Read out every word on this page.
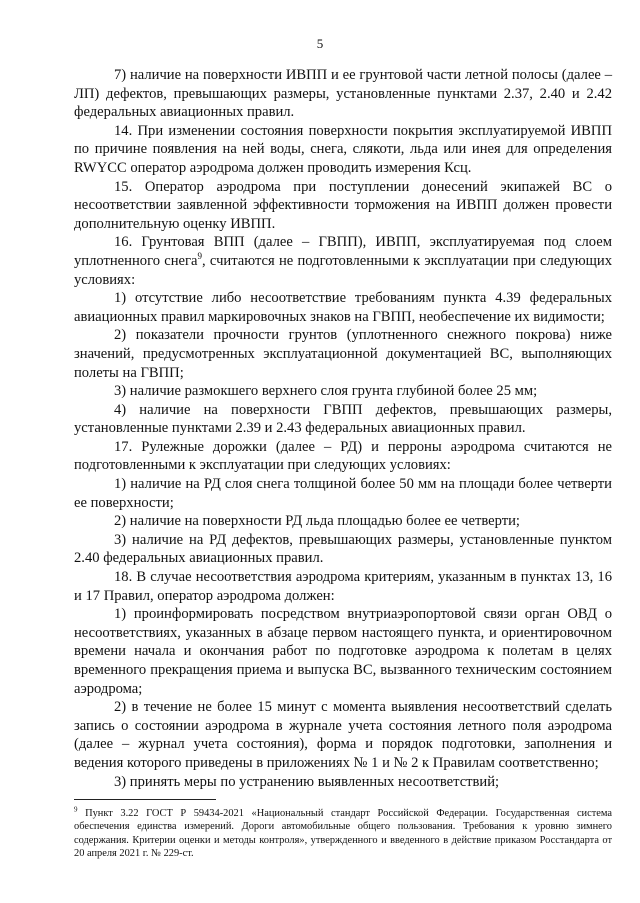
5

7) наличие на поверхности ИВПП и ее грунтовой части летной полосы (далее – ЛП) дефектов, превышающих размеры, установленные пунктами 2.37, 2.40 и 2.42 федеральных авиационных правил.

14. При изменении состояния поверхности покрытия эксплуатируемой ИВПП по причине появления на ней воды, снега, слякоти, льда или инея для определения RWYCC оператор аэродрома должен проводить измерения Ксц.

15. Оператор аэродрома при поступлении донесений экипажей ВС о несоответствии заявленной эффективности торможения на ИВПП должен провести дополнительную оценку ИВПП.

16. Грунтовая ВПП (далее – ГВПП), ИВПП, эксплуатируемая под слоем уплотненного снега$^9$, считаются не подготовленными к эксплуатации при следующих условиях:

1) отсутствие либо несоответствие требованиям пункта 4.39 федеральных авиационных правил маркировочных знаков на ГВПП, необеспечение их видимости;

2) показатели прочности грунтов (уплотненного снежного покрова) ниже значений, предусмотренных эксплуатационной документацией ВС, выполняющих полеты на ГВПП;

3) наличие размокшего верхнего слоя грунта глубиной более 25 мм;

4) наличие на поверхности ГВПП дефектов, превышающих размеры, установленные пунктами 2.39 и 2.43 федеральных авиационных правил.

17. Рулежные дорожки (далее – РД) и перроны аэродрома считаются не подготовленными к эксплуатации при следующих условиях:

1) наличие на РД слоя снега толщиной более 50 мм на площади более четверти ее поверхности;

2) наличие на поверхности РД льда площадью более ее четверти;

3) наличие на РД дефектов, превышающих размеры, установленные пунктом 2.40 федеральных авиационных правил.

18. В случае несоответствия аэродрома критериям, указанным в пунктах 13, 16 и 17 Правил, оператор аэродрома должен:

1) проинформировать посредством внутриаэропортовой связи орган ОВД о несоответствиях, указанных в абзаце первом настоящего пункта, и ориентировочном времени начала и окончания работ по подготовке аэродрома к полетам в целях временного прекращения приема и выпуска ВС, вызванного техническим состоянием аэродрома;

2) в течение не более 15 минут с момента выявления несоответствий сделать запись о состоянии аэродрома в журнале учета состояния летного поля аэродрома (далее – журнал учета состояния), форма и порядок подготовки, заполнения и ведения которого приведены в приложениях № 1 и № 2 к Правилам соответственно;

3) принять меры по устранению выявленных несоответствий;

$^9$ Пункт 3.22 ГОСТ Р 59434-2021 «Национальный стандарт Российской Федерации. Государственная система обеспечения единства измерений. Дороги автомобильные общего пользования. Требования к уровню зимнего содержания. Критерии оценки и методы контроля», утвержденного и введенного в действие приказом Росстандарта от 20 апреля 2021 г. № 229-ст.
